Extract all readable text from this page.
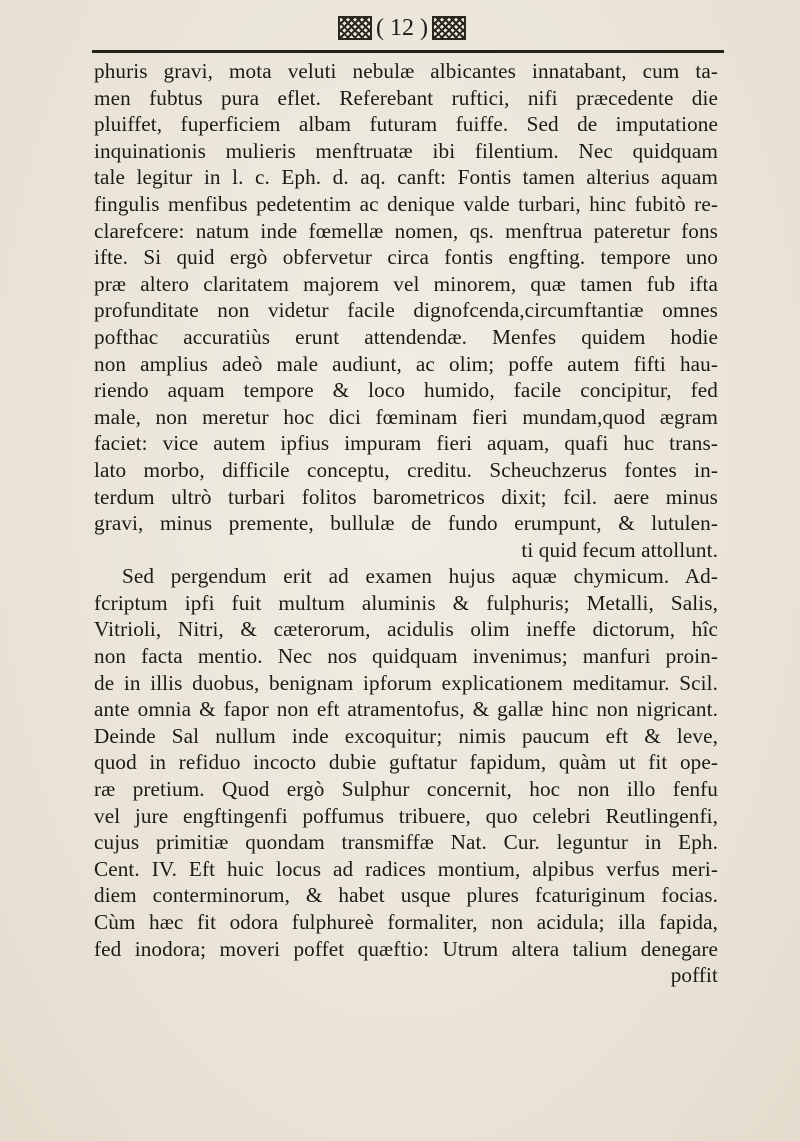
( 12 )
phuris gravi, mota veluti nebulæ albicantes innatabant, cum ta-
men fubtus pura eflet. Referebant ruftici, nifi præcedente die
pluiffet, fuperficiem albam futuram fuiffe. Sed de imputatione
inquinationis mulieris menftruatæ ibi filentium. Nec quidquam
tale legitur in l. c. Eph. d. aq. canft: Fontis tamen alterius aquam
fingulis menfibus pedetentim ac denique valde turbari, hinc fubitò re-
clarefcere: natum inde fœmellæ nomen, qs. menftrua pateretur fons
ifte. Si quid ergò obfervetur circa fontis engfting. tempore uno
præ altero claritatem majorem vel minorem, quæ tamen fub ifta
profunditate non videtur facile dignofcenda,circumftantiæ omnes
pofthac accuratiùs erunt attendendæ. Menfes quidem hodie
non amplius adeò male audiunt, ac olim; poffe autem fifti hau-
riendo aquam tempore & loco humido, facile concipitur, fed
male, non meretur hoc dici fœminam fieri mundam,quod ægram
faciet: vice autem ipfius impuram fieri aquam, quafi huc trans-
lato morbo, difficile conceptu, creditu. Scheuchzerus fontes in-
terdum ultrò turbari folitos barometricos dixit; fcil. aere minus
gravi, minus premente, bullulæ de fundo erumpunt, & lutulen-
ti quid fecum attollunt.
Sed pergendum erit ad examen hujus aquæ chymicum. Ad-
fcriptum ipfi fuit multum aluminis & fulphuris; Metalli, Salis,
Vitrioli, Nitri, & cæterorum, acidulis olim ineffe dictorum, hîc
non facta mentio. Nec nos quidquam invenimus; manfuri proin-
de in illis duobus, benignam ipforum explicationem meditamur. Scil.
ante omnia & fapor non eft atramentofus, & gallæ hinc non nigricant.
Deinde Sal nullum inde excoquitur; nimis paucum eft & leve,
quod in refiduo incocto dubie guftatur fapidum, quàm ut fit ope-
ræ pretium. Quod ergò Sulphur concernit, hoc non illo fenfu
vel jure engftingenfi poffumus tribuere, quo celebri Reutlingenfi,
cujus primitiæ quondam transmiffæ Nat. Cur. leguntur in Eph.
Cent. IV. Eft huic locus ad radices montium, alpibus verfus meri-
diem conterminorum, & habet usque plures fcaturiginum focias.
Cùm hæc fit odora fulphureè formaliter, non acidula; illa fapida,
fed inodora; moveri poffet quæftio: Utrum altera talium denegare
poffit
